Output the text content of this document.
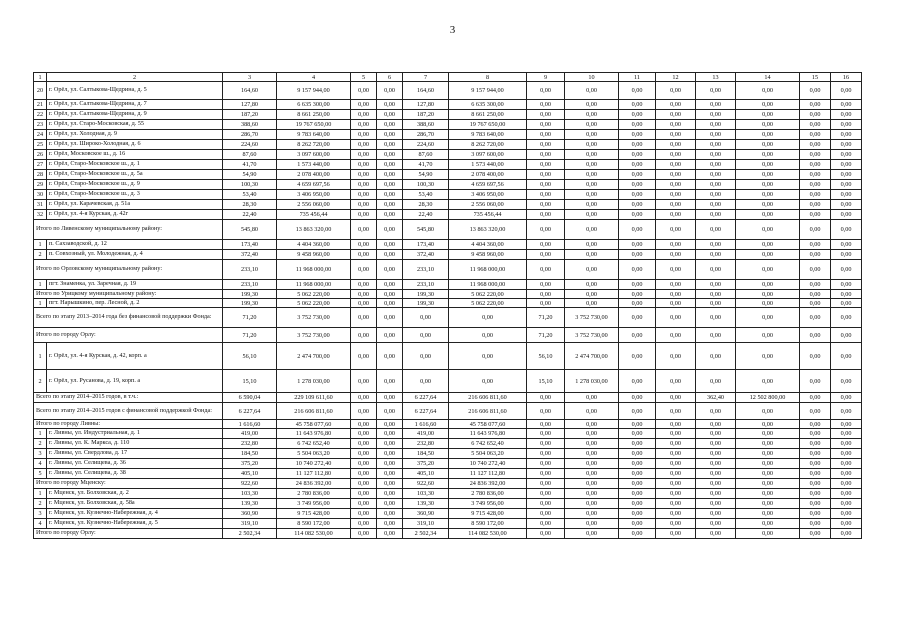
3
1	2	3	4	5	6	7	8	9	10	11	12	13	14	15	16
20	г. Орёл, ул. Салтыкова-Щедрина, д. 5	164,60	9 157 944,00	0,00	0,00	164,60	9 157 944,00	0,00	0,00	0,00	0,00	0,00	0,00	0,00	0,00
21	г. Орёл, ул. Салтыкова-Щедрина, д. 7	127,80	6 635 300,00	0,00	0,00	127,80	6 635 300,00	0,00	0,00	0,00	0,00	0,00	0,00	0,00	0,00
22	г. Орёл, ул. Салтыкова-Щедрина, д. 9	187,20	8 661 250,00	0,00	0,00	187,20	8 661 250,00	0,00	0,00	0,00	0,00	0,00	0,00	0,00	0,00
23	г. Орёл, ул. Старо-Московская, д. 55	388,60	19 767 650,00	0,00	0,00	388,60	19 767 650,00	0,00	0,00	0,00	0,00	0,00	0,00	0,00	0,00
24	г. Орёл, ул. Холодная, д. 9	286,70	9 783 640,00	0,00	0,00	286,70	9 783 640,00	0,00	0,00	0,00	0,00	0,00	0,00	0,00	0,00
25	г. Орёл, ул. Широко-Холодная, д. 6	224,60	8 262 720,00	0,00	0,00	224,60	8 262 720,00	0,00	0,00	0,00	0,00	0,00	0,00	0,00	0,00
26	г. Орёл, Московское ш., д. 16	87,60	3 097 600,00	0,00	0,00	87,60	3 097 600,00	0,00	0,00	0,00	0,00	0,00	0,00	0,00	0,00
27	г. Орёл, Старо-Московское ш., д. 1	41,70	1 573 440,00	0,00	0,00	41,70	1 573 440,00	0,00	0,00	0,00	0,00	0,00	0,00	0,00	0,00
28	г. Орёл, Старо-Московское ш., д. 5а	54,90	2 078 400,00	0,00	0,00	54,90	2 078 400,00	0,00	0,00	0,00	0,00	0,00	0,00	0,00	0,00
29	г. Орёл, Старо-Московское ш., д. 9	100,30	4 659 697,56	0,00	0,00	100,30	4 659 697,56	0,00	0,00	0,00	0,00	0,00	0,00	0,00	0,00
30	г. Орёл, Старо-Московское ш., д. 3	53,40	3 406 950,00	0,00	0,00	53,40	3 406 950,00	0,00	0,00	0,00	0,00	0,00	0,00	0,00	0,00
31	г. Орёл, ул. Карачевская, д. 51а	28,30	2 556 060,00	0,00	0,00	28,30	2 556 060,00	0,00	0,00	0,00	0,00	0,00	0,00	0,00	0,00
32	г. Орёл, ул. 4-я Курская, д. 42г	22,40	735 456,44	0,00	0,00	22,40	735 456,44	0,00	0,00	0,00	0,00	0,00	0,00	0,00	0,00
Итого по Ливенскому муниципальному району:		545,80	13 863 320,00	0,00	0,00	545,80	13 863 320,00	0,00	0,00	0,00	0,00	0,00	0,00	0,00	0,00
1	п. Сахзаводской, д. 12	173,40	4 404 360,00	0,00	0,00	173,40	4 404 360,00	0,00	0,00	0,00	0,00	0,00	0,00	0,00	0,00
2	п. Совхозный, ул. Молодежная, д. 4	372,40	9 458 960,00	0,00	0,00	372,40	9 458 960,00	0,00	0,00	0,00	0,00	0,00	0,00	0,00	0,00
Итого по Орловскому муниципальному району:		233,10	11 968 000,00	0,00	0,00	233,10	11 968 000,00	0,00	0,00	0,00	0,00	0,00	0,00	0,00	0,00
1	пгт. Знаменка, ул. Заречная, д. 19	233,10	11 968 000,00	0,00	0,00	233,10	11 968 000,00	0,00	0,00	0,00	0,00	0,00	0,00	0,00	0,00
Итого по Урицкому муниципальному району:		199,30	5 062 220,00	0,00	0,00	199,30	5 062 220,00	0,00	0,00	0,00	0,00	0,00	0,00	0,00	0,00
1	пгт. Нарышкино, пер. Лесной, д. 2	199,30	5 062 220,00	0,00	0,00	199,30	5 062 220,00	0,00	0,00	0,00	0,00	0,00	0,00	0,00	0,00
Всего по этапу 2013–2014 года без финансовой поддержки Фонда:		71,20	3 752 730,00	0,00	0,00	0,00	0,00	71,20	3 752 730,00	0,00	0,00	0,00	0,00	0,00	0,00
Итого по городу Орлу:		71,20	3 752 730,00	0,00	0,00	0,00	0,00	71,20	3 752 730,00	0,00	0,00	0,00	0,00	0,00	0,00
1	г. Орёл, ул. 4-я Курская, д. 42, корп. а	56,10	2 474 700,00	0,00	0,00	0,00	0,00	56,10	2 474 700,00	0,00	0,00	0,00	0,00	0,00	0,00
2	г. Орёл, ул. Русанова, д. 19, корп. а	15,10	1 278 030,00	0,00	0,00	0,00	0,00	15,10	1 278 030,00	0,00	0,00	0,00	0,00	0,00	0,00
Всего по этапу 2014–2015 годов, в т.ч.:		6 590,04	229 109 611,60	0,00	0,00	6 227,64	216 606 811,60	0,00	0,00	0,00	0,00	362,40	12 502 800,00	0,00	0,00
Всего по этапу 2014–2015 годов с финансовой поддержкой Фонда:		6 227,64	216 606 811,60	0,00	0,00	6 227,64	216 606 811,60	0,00	0,00	0,00	0,00	0,00	0,00	0,00	0,00
Итого по городу Ливны:		1 616,60	45 758 077,60	0,00	0,00	1 616,60	45 758 077,60	0,00	0,00	0,00	0,00	0,00	0,00	0,00	0,00
1	г. Ливны, ул. Индустриальная, д. 1	419,00	11 643 976,80	0,00	0,00	419,00	11 643 976,80	0,00	0,00	0,00	0,00	0,00	0,00	0,00	0,00
2	г. Ливны, ул. К. Маркса, д. 110	232,80	6 742 652,40	0,00	0,00	232,80	6 742 652,40	0,00	0,00	0,00	0,00	0,00	0,00	0,00	0,00
3	г. Ливны, ул. Свердлова, д. 17	184,50	5 504 063,20	0,00	0,00	184,50	5 504 063,20	0,00	0,00	0,00	0,00	0,00	0,00	0,00	0,00
4	г. Ливны, ул. Селищева, д. 36	375,20	10 740 272,40	0,00	0,00	375,20	10 740 272,40	0,00	0,00	0,00	0,00	0,00	0,00	0,00	0,00
5	г. Ливны, ул. Селищева, д. 38	405,10	11 127 112,80	0,00	0,00	405,10	11 127 112,80	0,00	0,00	0,00	0,00	0,00	0,00	0,00	0,00
Итого по городу Мценску:		922,60	24 836 392,00	0,00	0,00	922,60	24 836 392,00	0,00	0,00	0,00	0,00	0,00	0,00	0,00	0,00
1	г. Мценск, ул. Болховская, д. 2	103,30	2 780 836,00	0,00	0,00	103,30	2 780 836,00	0,00	0,00	0,00	0,00	0,00	0,00	0,00	0,00
2	г. Мценск, ул. Болховская, д. 58а	139,30	3 749 956,00	0,00	0,00	139,30	3 749 956,00	0,00	0,00	0,00	0,00	0,00	0,00	0,00	0,00
3	г. Мценск, ул. Кузнечно-Набережная, д. 4	360,90	9 715 428,00	0,00	0,00	360,90	9 715 428,00	0,00	0,00	0,00	0,00	0,00	0,00	0,00	0,00
4	г. Мценск, ул. Кузнечно-Набережная, д. 5	319,10	8 590 172,00	0,00	0,00	319,10	8 590 172,00	0,00	0,00	0,00	0,00	0,00	0,00	0,00	0,00
Итого по городу Орлу:		2 502,34	114 082 530,00	0,00	0,00	2 502,34	114 082 530,00	0,00	0,00	0,00	0,00	0,00	0,00	0,00	0,00
